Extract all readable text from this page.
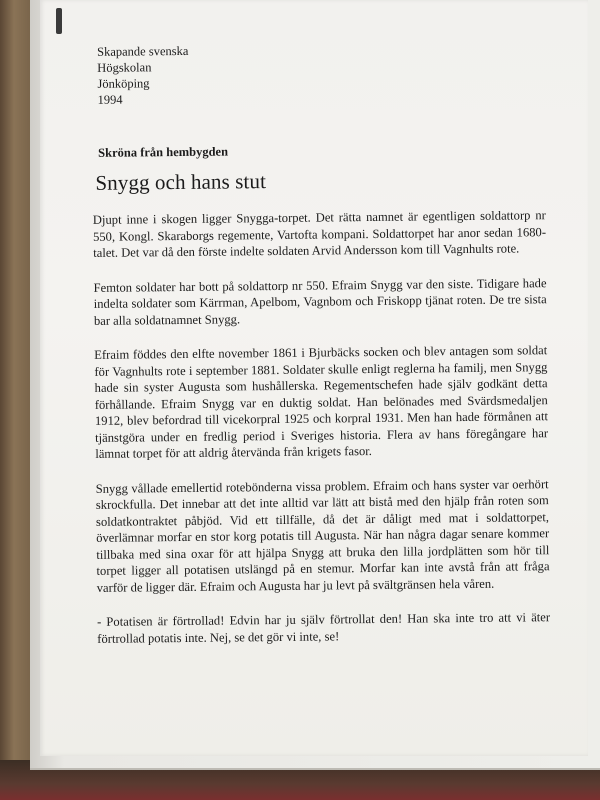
Skapande svenska
Högskolan
Jönköping
1994
Skröna från hembygden
Snygg och hans stut
Djupt inne i skogen ligger Snygga-torpet. Det rätta namnet är egentligen soldattorp nr 550, Kongl. Skaraborgs regemente, Vartofta kompani. Soldattorpet har anor sedan 1680-talet. Det var då den förste indelte soldaten Arvid Andersson kom till Vagnhults rote.
Femton soldater har bott på soldattorp nr 550. Efraim Snygg var den siste. Tidigare hade indelta soldater som Kärrman, Apelbom, Vagnbom och Friskopp tjänat roten. De tre sista bar alla soldatnamnet Snygg.
Efraim föddes den elfte november 1861 i Bjurbäcks socken och blev antagen som soldat för Vagnhults rote i september 1881. Soldater skulle enligt reglerna ha familj, men Snygg hade sin syster Augusta som hushållerska. Regementschefen hade själv godkänt detta förhållande. Efraim Snygg var en duktig soldat. Han belönades med Svärdsmedaljen 1912, blev befordrad till vicekorpral 1925 och korpral 1931. Men han hade förmånen att tjänstgöra under en fredlig period i Sveriges historia. Flera av hans föregångare har lämnat torpet för att aldrig återvända från krigets fasor.
Snygg vållade emellertid rotebönderna vissa problem. Efraim och hans syster var oerhört skrockfulla. Det innebar att det inte alltid var lätt att bistå med den hjälp från roten som soldatkontraktet påbjöd. Vid ett tillfälle, då det är dåligt med mat i soldattorpet, överlämnar morfar en stor korg potatis till Augusta. När han några dagar senare kommer tillbaka med sina oxar för att hjälpa Snygg att bruka den lilla jordplätten som hör till torpet ligger all potatisen utslängd på en stemur. Morfar kan inte avstå från att fråga varför de ligger där. Efraim och Augusta har ju levt på svältgränsen hela våren.
- Potatisen är förtrollad! Edvin har ju själv förtrollat den! Han ska inte tro att vi äter förtrollad potatis inte. Nej, se det gör vi inte, se!
